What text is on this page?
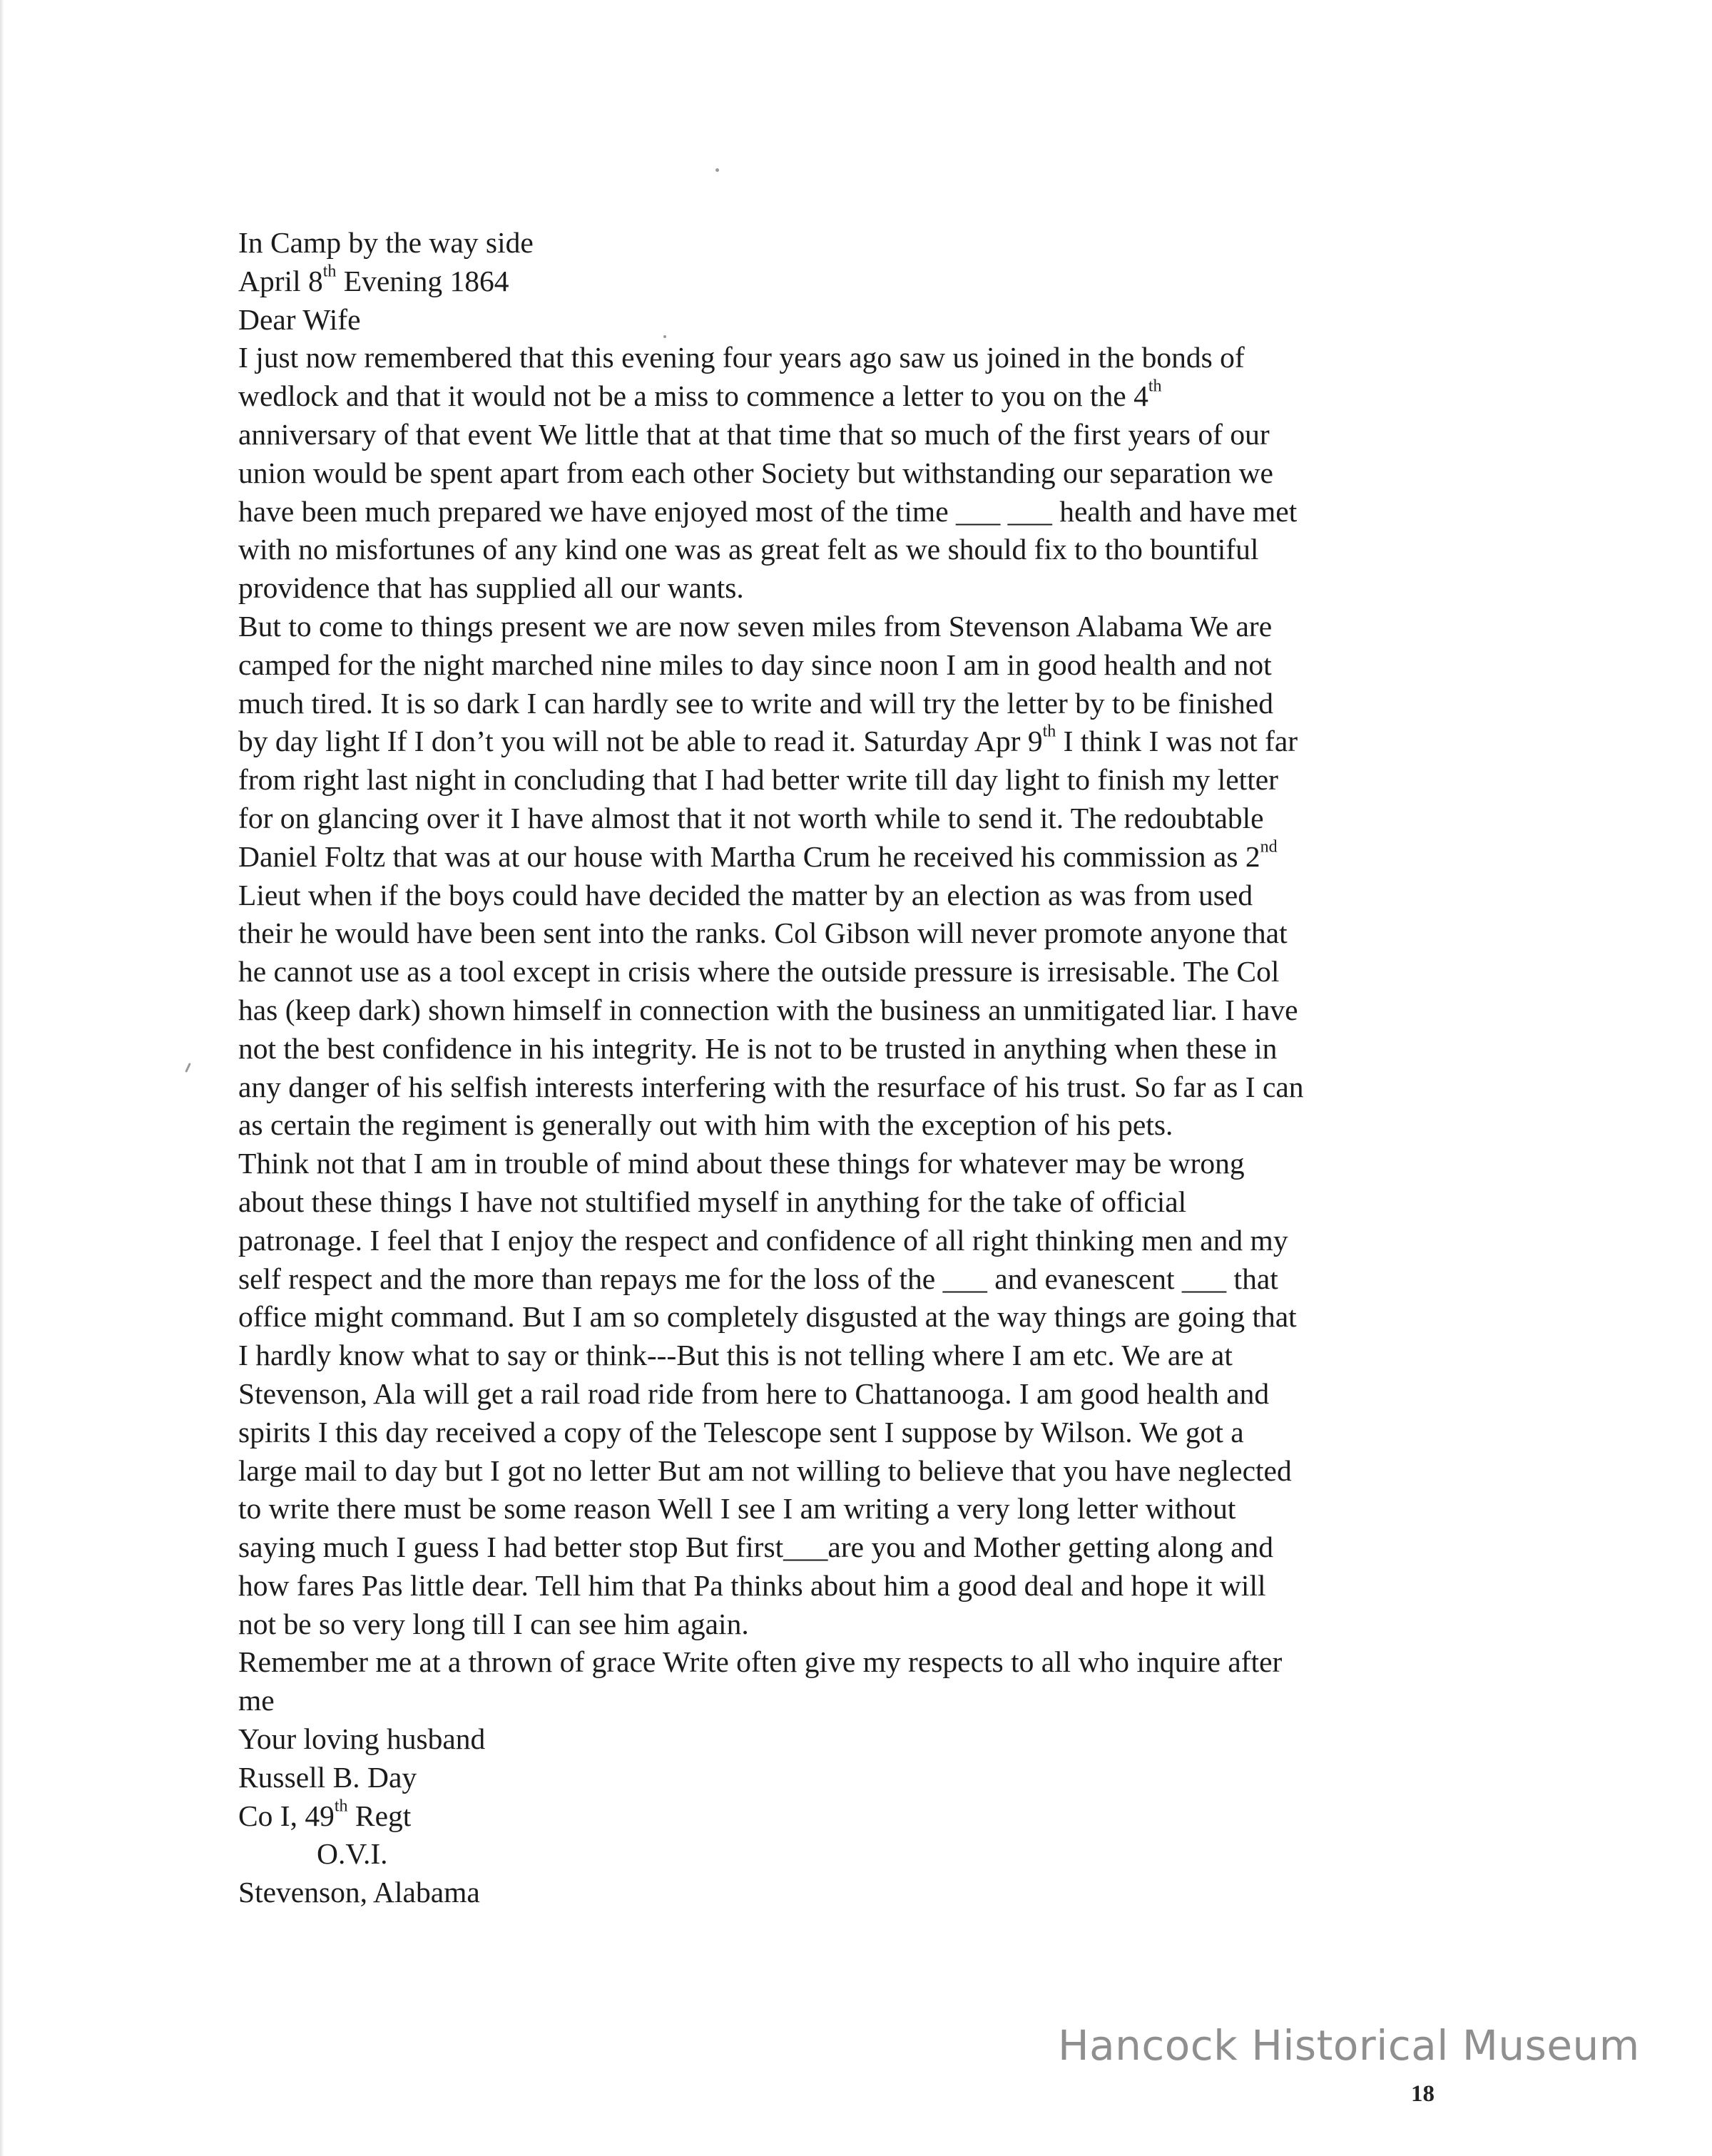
In Camp by the way side
April 8th Evening 1864
Dear Wife
I just now remembered that this evening four years ago saw us joined in the bonds of
wedlock and that it would not be a miss to commence a letter to you on the 4th
anniversary of that event We little that at that time that so much of the first years of our
union would be spent apart from each other Society but withstanding our separation we
have been much prepared we have enjoyed most of the time ___ ___ health and have met
with no misfortunes of any kind one was as great felt as we should fix to tho bountiful
providence that has supplied all our wants.
But to come to things present we are now seven miles from Stevenson Alabama We are
camped for the night marched nine miles to day since noon I am in good health and not
much tired. It is so dark I can hardly see to write and will try the letter by to be finished
by day light If I don’t you will not be able to read it. Saturday Apr 9th I think I was not far
from right last night in concluding that I had better write till day light to finish my letter
for on glancing over it I have almost that it not worth while to send it. The redoubtable
Daniel Foltz that was at our house with Martha Crum he received his commission as 2nd
Lieut when if the boys could have decided the matter by an election as was from used
their he would have been sent into the ranks. Col Gibson will never promote anyone that
he cannot use as a tool except in crisis where the outside pressure is irresisable. The Col
has (keep dark) shown himself in connection with the business an unmitigated liar. I have
not the best confidence in his integrity. He is not to be trusted in anything when these in
any danger of his selfish interests interfering with the resurface of his trust. So far as I can
as certain the regiment is generally out with him with the exception of his pets.
Think not that I am in trouble of mind about these things for whatever may be wrong
about these things I have not stultified myself in anything for the take of official
patronage. I feel that I enjoy the respect and confidence of all right thinking men and my
self respect and the more than repays me for the loss of the ___ and evanescent ___ that
office might command. But I am so completely disgusted at the way things are going that
I hardly know what to say or think---But this is not telling where I am etc. We are at
Stevenson, Ala will get a rail road ride from here to Chattanooga. I am good health and
spirits I this day received a copy of the Telescope sent I suppose by Wilson. We got a
large mail to day but I got no letter But am not willing to believe that you have neglected
to write there must be some reason Well I see I am writing a very long letter without
saying much I guess I had better stop But first___are you and Mother getting along and
how fares Pas little dear. Tell him that Pa thinks about him a good deal and hope it will
not be so very long till I can see him again.
Remember me at a thrown of grace Write often give my respects to all who inquire after
me
Your loving husband
Russell B. Day
Co I, 49th Regt
O.V.I.
Stevenson, Alabama
Hancock Historical Museum
18
